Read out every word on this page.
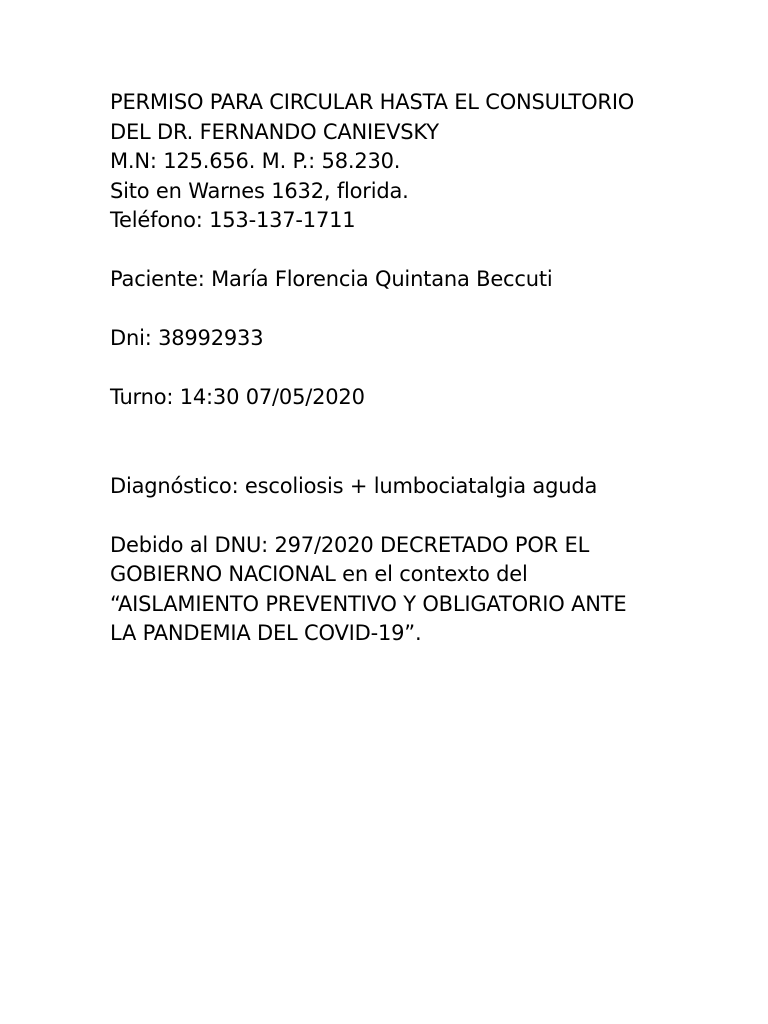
PERMISO PARA CIRCULAR HASTA EL CONSULTORIO
DEL DR. FERNANDO CANIEVSKY
M.N: 125.656. M. P.: 58.230.
Sito en Warnes 1632, florida.
Teléfono: 153-137-1711
Paciente: María Florencia Quintana Beccuti
Dni: 38992933
Turno: 14:30 07/05/2020
Diagnóstico: escoliosis + lumbociatalgia aguda
Debido al DNU: 297/2020 DECRETADO POR EL
GOBIERNO NACIONAL en el contexto del
“AISLAMIENTO PREVENTIVO Y OBLIGATORIO ANTE
LA PANDEMIA DEL COVID-19”.
